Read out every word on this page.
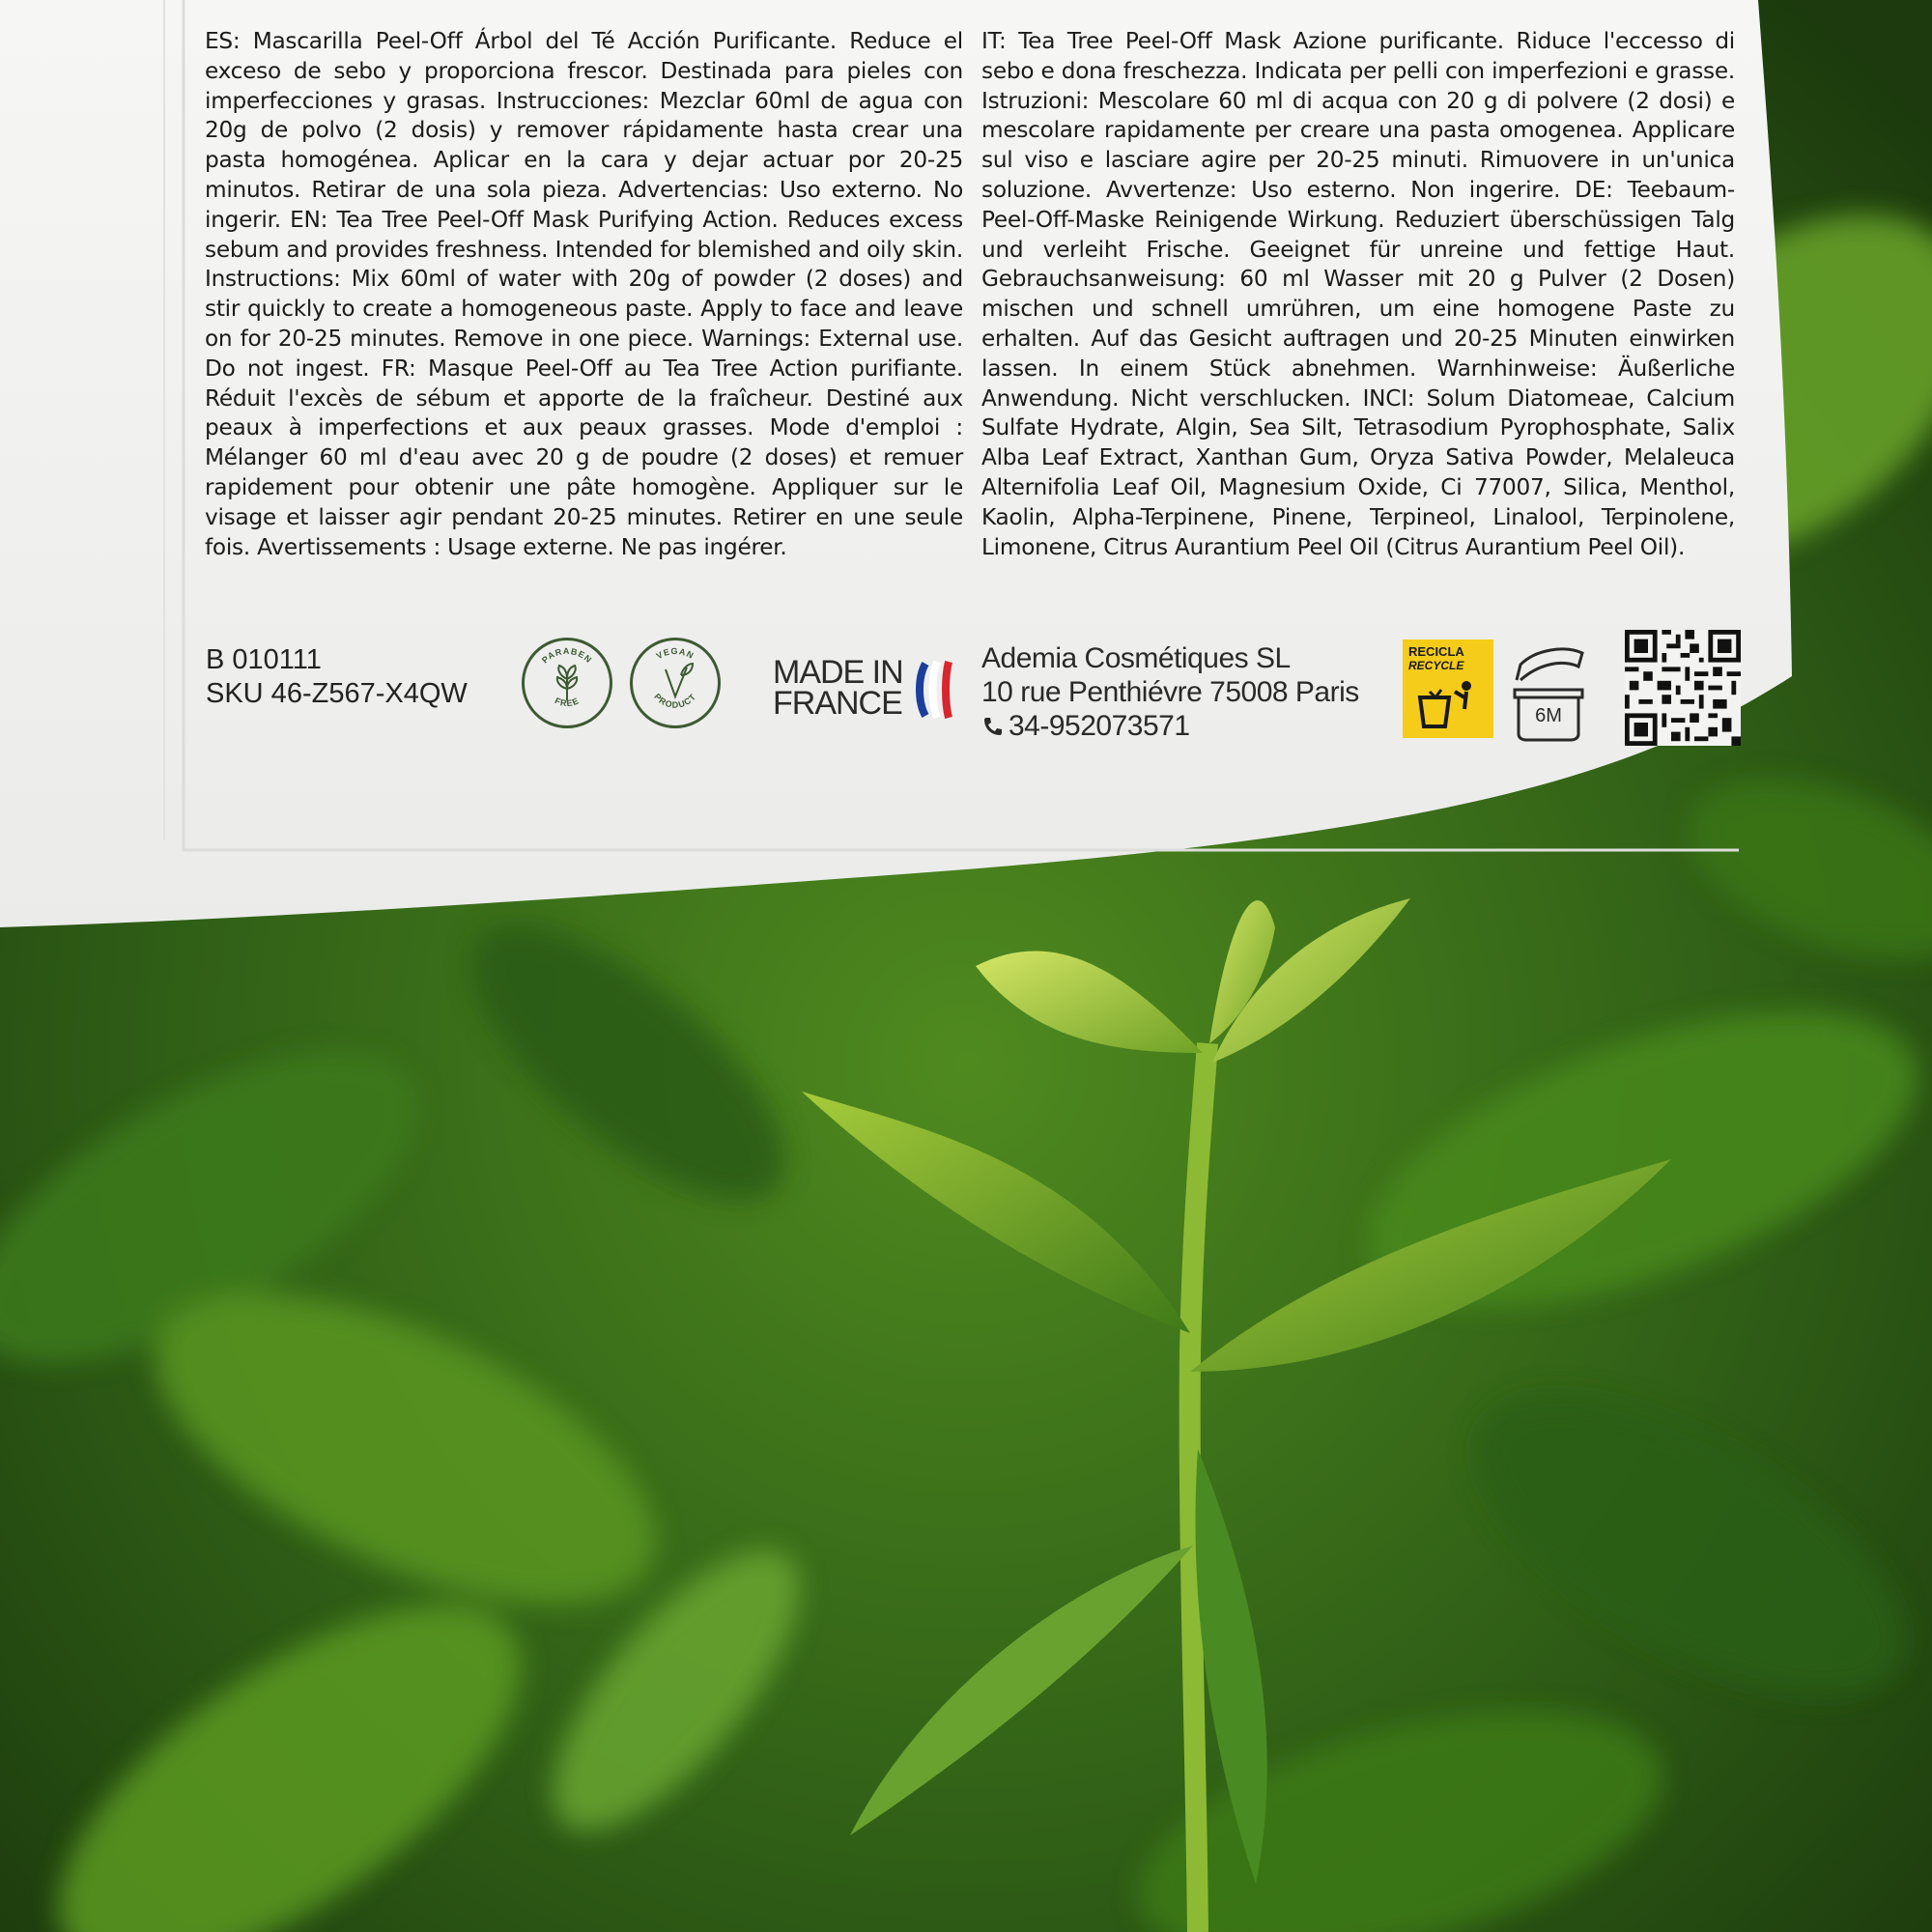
ES: Mascarilla Peel-Off Árbol del Té Acción Purificante. Reduce el exceso de sebo y proporciona frescor. Destinada para pieles con imperfecciones y grasas. Instrucciones: Mezclar 60ml de agua con 20g de polvo (2 dosis) y remover rápidamente hasta crear una pasta homogénea. Aplicar en la cara y dejar actuar por 20-25 minutos. Retirar de una sola pieza. Advertencias: Uso externo. No ingerir. EN: Tea Tree Peel-Off Mask Purifying Action. Reduces excess sebum and provides freshness. Intended for blemished and oily skin. Instructions: Mix 60ml of water with 20g of powder (2 doses) and stir quickly to create a homogeneous paste. Apply to face and leave on for 20-25 minutes. Remove in one piece. Warnings: External use. Do not ingest. FR: Masque Peel-Off au Tea Tree Action purifiante. Réduit l'excès de sébum et apporte de la fraîcheur. Destiné aux peaux à imperfections et aux peaux grasses. Mode d'emploi : Mélanger 60 ml d'eau avec 20 g de poudre (2 doses) et remuer rapidement pour obtenir une pâte homogène. Appliquer sur le visage et laisser agir pendant 20-25 minutes. Retirer en une seule fois. Avertissements : Usage externe. Ne pas ingérer.
IT: Tea Tree Peel-Off Mask Azione purificante. Riduce l'eccesso di sebo e dona freschezza. Indicata per pelli con imperfezioni e grasse. Istruzioni: Mescolare 60 ml di acqua con 20 g di polvere (2 dosi) e mescolare rapidamente per creare una pasta omogenea. Applicare sul viso e lasciare agire per 20-25 minuti. Rimuovere in un'unica soluzione. Avvertenze: Uso esterno. Non ingerire. DE: Teebaum-Peel-Off-Maske Reinigende Wirkung. Reduziert überschüssigen Talg und verleiht Frische. Geeignet für unreine und fettige Haut. Gebrauchsanweisung: 60 ml Wasser mit 20 g Pulver (2 Dosen) mischen und schnell umrühren, um eine homogene Paste zu erhalten. Auf das Gesicht auftragen und 20-25 Minuten einwirken lassen. In einem Stück abnehmen. Warnhinweise: Äußerliche Anwendung. Nicht verschlucken. INCI: Solum Diatomeae, Calcium Sulfate Hydrate, Algin, Sea Silt, Tetrasodium Pyrophosphate, Salix Alba Leaf Extract, Xanthan Gum, Oryza Sativa Powder, Melaleuca Alternifolia Leaf Oil, Magnesium Oxide, Ci 77007, Silica, Menthol, Kaolin, Alpha-Terpinene, Pinene, Terpineol, Linalool, Terpinolene, Limonene, Citrus Aurantium Peel Oil (Citrus Aurantium Peel Oil).
B 010111
SKU 46-Z567-X4QW
PARABEN
FREE
VEGAN
PRODUCT
MADE IN
FRANCE
Ademia Cosmétiques SL
10 rue Penthiévre 75008 Paris
34-952073571
RECICLA
RECYCLE
6M
